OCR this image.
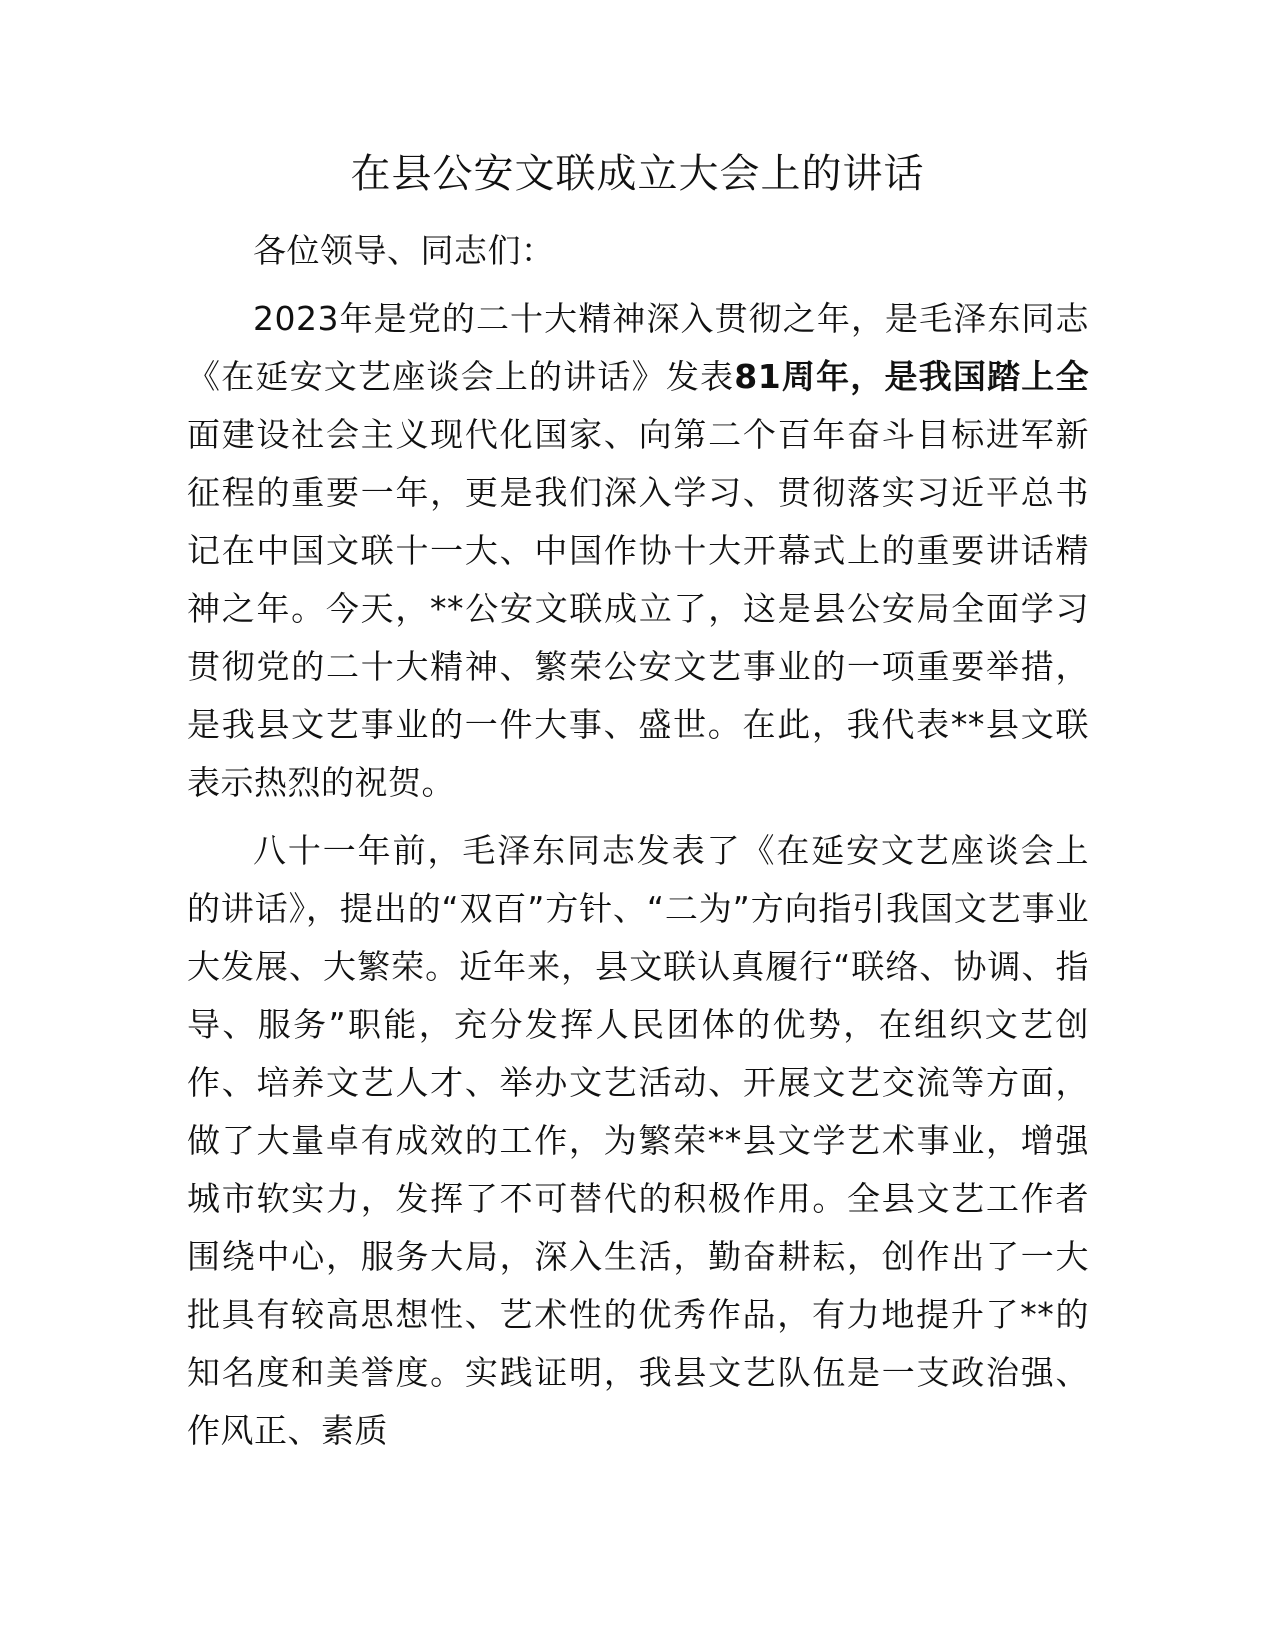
在县公安文联成立大会上的讲话

各位领导、同志们：

2023年是党的二十大精神深入贯彻之年，是毛泽东同志《在延安文艺座谈会上的讲话》发表81周年，是我国踏上全面建设社会主义现代化国家、向第二个百年奋斗目标进军新征程的重要一年，更是我们深入学习、贯彻落实习近平总书记在中国文联十一大、中国作协十大开幕式上的重要讲话精神之年。今天，**公安文联成立了，这是县公安局全面学习贯彻党的二十大精神、繁荣公安文艺事业的一项重要举措，是我县文艺事业的一件大事、盛世。在此，我代表**县文联表示热烈的祝贺。

八十一年前，毛泽东同志发表了《在延安文艺座谈会上的讲话》，提出的“双百”方针、“二为”方向指引我国文艺事业大发展、大繁荣。近年来，县文联认真履行“联络、协调、指导、服务”职能，充分发挥人民团体的优势，在组织文艺创作、培养文艺人才、举办文艺活动、开展文艺交流等方面，做了大量卓有成效的工作，为繁荣**县文学艺术事业，增强城市软实力，发挥了不可替代的积极作用。全县文艺工作者围绕中心，服务大局，深入生活，勤奋耕耘，创作出了一大批具有较高思想性、艺术性的优秀作品，有力地提升了**的知名度和美誉度。实践证明，我县文艺队伍是一支政治强、作风正、素质
